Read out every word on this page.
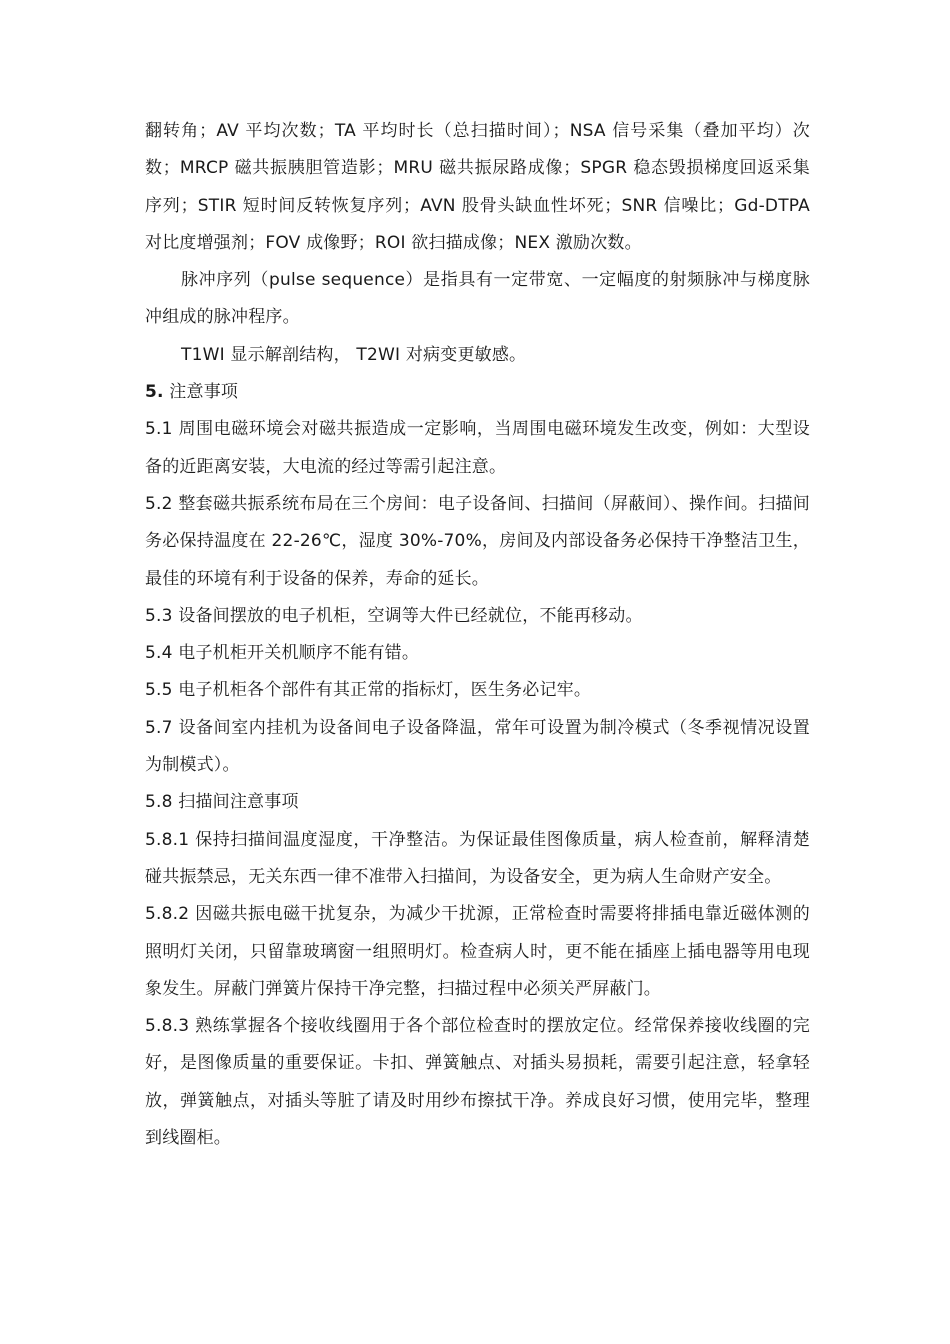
翻转角；AV 平均次数；TA 平均时长（总扫描时间）；NSA 信号采集（叠加平均）次数；MRCP 磁共振胰胆管造影；MRU 磁共振尿路成像；SPGR 稳态毁损梯度回返采集序列；STIR 短时间反转恢复序列；AVN 股骨头缺血性坏死；SNR 信噪比；Gd-DTPA 对比度增强剂；FOV 成像野；ROI 欲扫描成像；NEX 激励次数。

脉冲序列（pulse sequence）是指具有一定带宽、一定幅度的射频脉冲与梯度脉冲组成的脉冲程序。

T1WI 显示解剖结构， T2WI 对病变更敏感。

5. 注意事项

5.1 周围电磁环境会对磁共振造成一定影响，当周围电磁环境发生改变，例如：大型设备的近距离安装，大电流的经过等需引起注意。

5.2 整套磁共振系统布局在三个房间：电子设备间、扫描间（屏蔽间）、操作间。扫描间务必保持温度在 22-26℃，湿度 30%-70%，房间及内部设备务必保持干净整洁卫生，最佳的环境有利于设备的保养，寿命的延长。

5.3 设备间摆放的电子机柜，空调等大件已经就位，不能再移动。

5.4 电子机柜开关机顺序不能有错。

5.5 电子机柜各个部件有其正常的指标灯，医生务必记牢。

5.7 设备间室内挂机为设备间电子设备降温，常年可设置为制冷模式（冬季视情况设置为制模式）。

5.8 扫描间注意事项

5.8.1 保持扫描间温度湿度，干净整洁。为保证最佳图像质量，病人检查前，解释清楚碰共振禁忌，无关东西一律不准带入扫描间，为设备安全，更为病人生命财产安全。

5.8.2 因磁共振电磁干扰复杂，为减少干扰源，正常检查时需要将排插电靠近磁体测的照明灯关闭，只留靠玻璃窗一组照明灯。检查病人时，更不能在插座上插电器等用电现象发生。屏蔽门弹簧片保持干净完整，扫描过程中必须关严屏蔽门。

5.8.3 熟练掌握各个接收线圈用于各个部位检查时的摆放定位。经常保养接收线圈的完好，是图像质量的重要保证。卡扣、弹簧触点、对插头易损耗，需要引起注意，轻拿轻放，弹簧触点，对插头等脏了请及时用纱布擦拭干净。养成良好习惯，使用完毕，整理到线圈柜。
